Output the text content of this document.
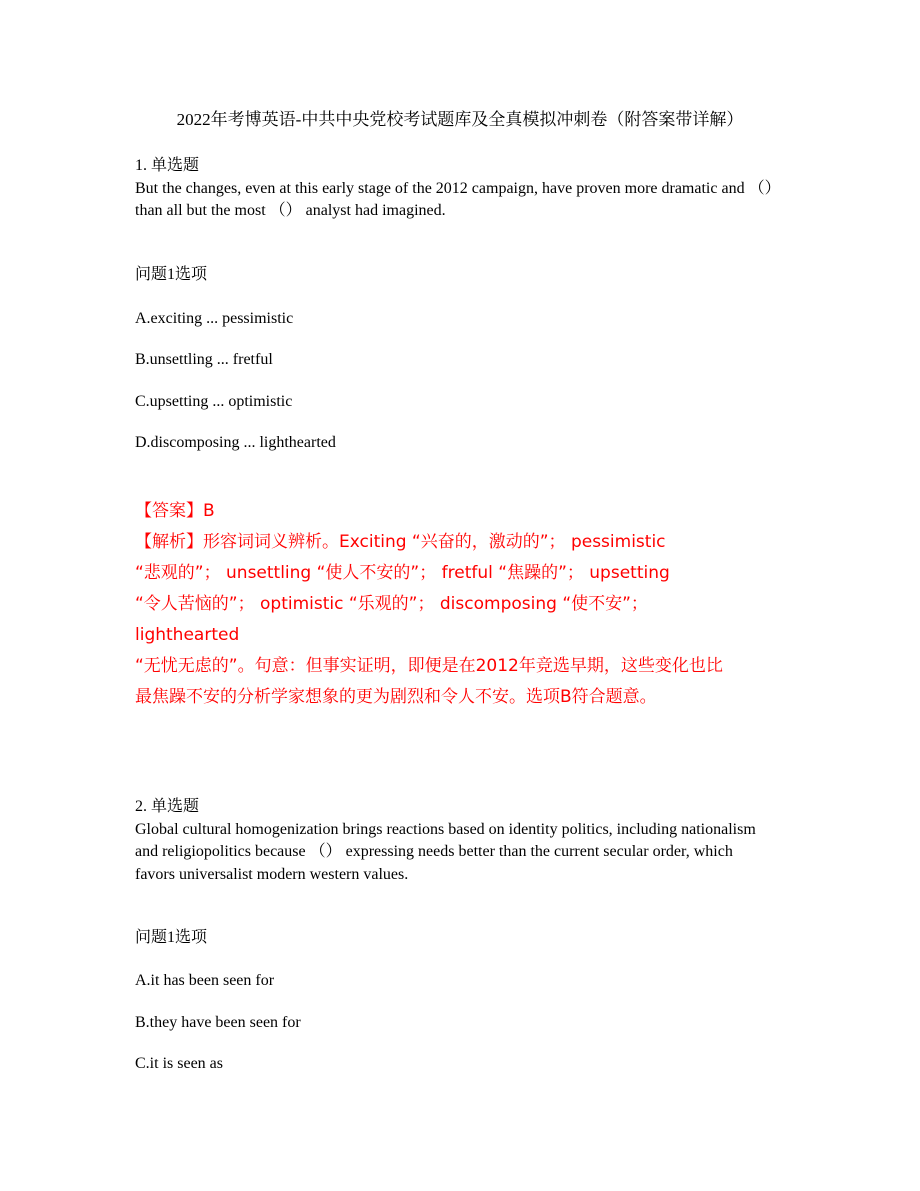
2022年考博英语-中共中央党校考试题库及全真模拟冲刺卷（附答案带详解）
1. 单选题
But the changes, even at this early stage of the 2012 campaign, have proven more dramatic and （）than all but the most （） analyst had imagined.
问题1选项
A.exciting ... pessimistic
B.unsettling ... fretful
C.upsetting ... optimistic
D.discomposing ... lighthearted

【答案】B

【解析】形容词词义辨析。Exciting “兴奋的，激动的”； pessimistic

“悲观的”； unsettling “使人不安的”； fretful “焦躁的”； upsetting

“令人苦恼的”； optimistic “乐观的”； discomposing “使不安”；

lighthearted

“无忧无虑的”。句意：但事实证明，即便是在2012年竞选早期，这些变化也比

最焦躁不安的分析学家想象的更为剧烈和令人不安。选项B符合题意。

2. 单选题
Global cultural homogenization brings reactions based on identity politics, including nationalism and religiopolitics because （） expressing needs better than the current secular order, which favors universalist modern western values.
问题1选项
A.it has been seen for
B.they have been seen for
C.it is seen as
